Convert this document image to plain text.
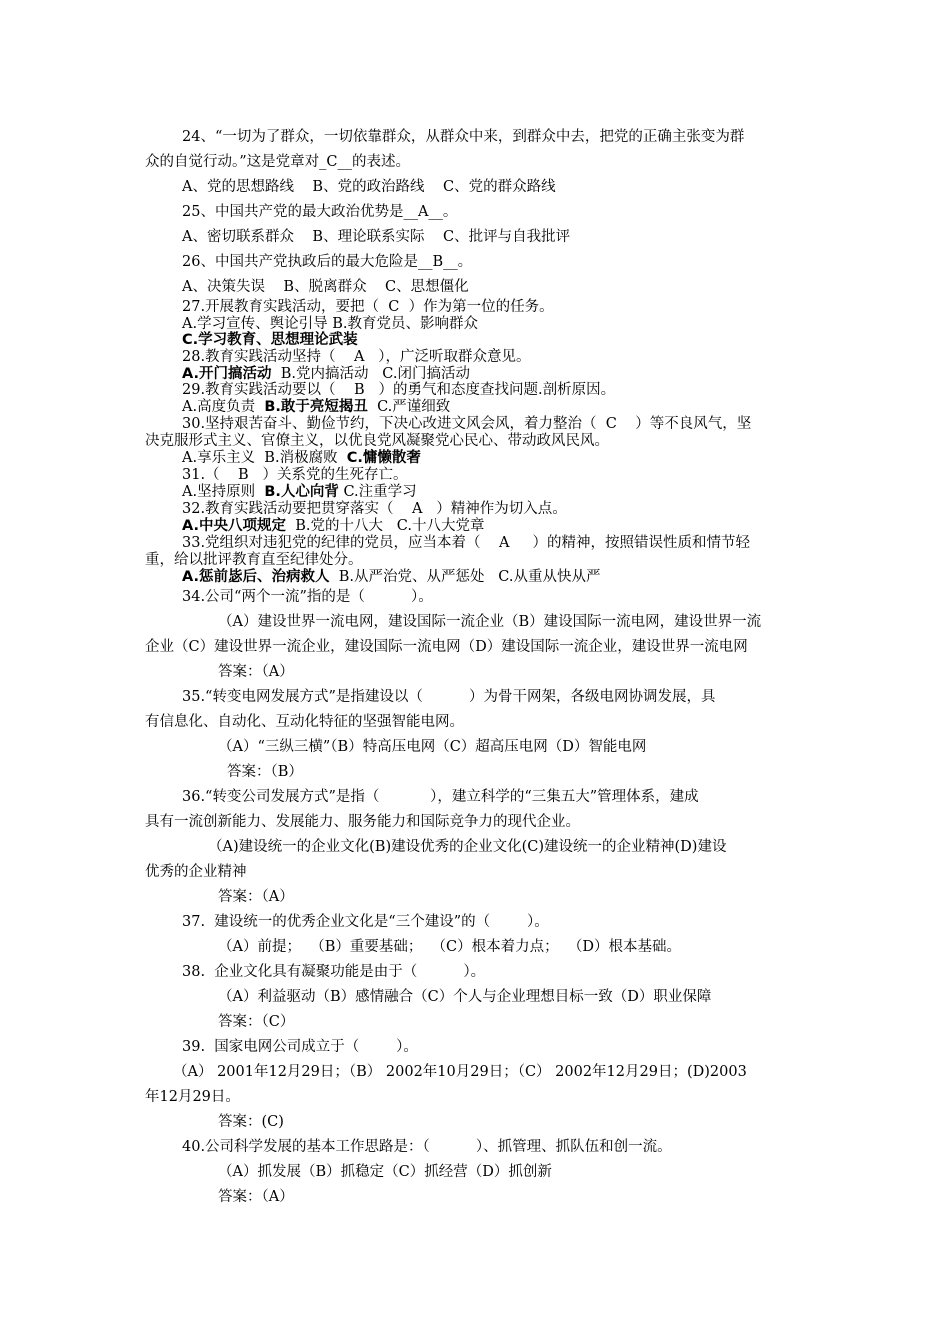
24、“一切为了群众，一切依靠群众，从群众中来，到群众中去，把党的正确主张变为群
众的自觉行动。”这是党章对_C__的表述。
A、党的思想路线    B、党的政治路线    C、党的群众路线
25、中国共产党的最大政治优势是__A__。
A、密切联系群众    B、理论联系实际    C、批评与自我批评
26、中国共产党执政后的最大危险是__B__。
A、决策失误    B、脱离群众    C、思想僵化
27.开展教育实践活动，要把（  C  ）作为第一位的任务。
A.学习宣传、舆论引导 B.教育党员、影响群众
C.学习教育、思想理论武装
28.教育实践活动坚持（    A   ），广泛听取群众意见。
A.开门搞活动  B.党内搞活动   C.闭门搞活动
29.教育实践活动要以（    B   ）的勇气和态度查找问题.剖析原因。
A.高度负责  B.敢于亮短揭丑  C.严谨细致
30.坚持艰苦奋斗、勤俭节约，下决心改进文风会风，着力整治（  C    ）等不良风气，坚
决克服形式主义、官僚主义，以优良党风凝聚党心民心、带动政风民风。
A.享乐主义  B.消极腐败  C.慵懒散奢
31.（    B   ）关系党的生死存亡。
A.坚持原则  B.人心向背 C.注重学习
32.教育实践活动要把贯穿落实（    A   ）精神作为切入点。
A.中央八项规定  B.党的十八大   C.十八大党章
33.党组织对违犯党的纪律的党员，应当本着（    A     ）的精神，按照错误性质和情节轻
重，给以批评教育直至纪律处分。
A.惩前毖后、治病救人  B.从严治党、从严惩处   C.从重从快从严
34.公司“两个一流”指的是（          ）。
（A）建设世界一流电网，建设国际一流企业（B）建设国际一流电网，建设世界一流
企业（C）建设世界一流企业，建设国际一流电网（D）建设国际一流企业，建设世界一流电网
答案：（A）
35.“转变电网发展方式”是指建设以（          ）为骨干网架，各级电网协调发展，具
有信息化、自动化、互动化特征的坚强智能电网。
（A）“三纵三横”（B）特高压电网（C）超高压电网（D）智能电网
答案：（B）
36.“转变公司发展方式”是指（           ），建立科学的“三集五大”管理体系，建成
具有一流创新能力、发展能力、服务能力和国际竞争力的现代企业。
（A)建设统一的企业文化(B)建设优秀的企业文化(C)建设统一的企业精神(D)建设
优秀的企业精神
答案：（A）
37.  建设统一的优秀企业文化是“三个建设”的（        ）。
（A）前提；  （B）重要基础；  （C）根本着力点；  （D）根本基础。
38.  企业文化具有凝聚功能是由于（          ）。
（A）利益驱动（B）感情融合（C）个人与企业理想目标一致（D）职业保障
答案：（C）
39.  国家电网公司成立于（        ）。
（A） 2001年12月29日；（B） 2002年10月29日；（C） 2002年12月29日；(D)2003
年12月29日。
答案：(C)
40.公司科学发展的基本工作思路是：（          ）、抓管理、抓队伍和创一流。
（A）抓发展（B）抓稳定（C）抓经营（D）抓创新
答案：（A）
